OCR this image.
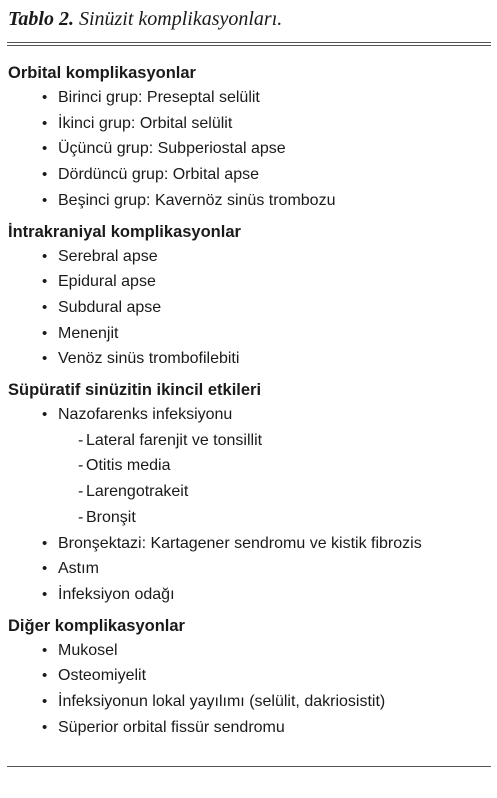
Tablo 2. Sinüzit komplikasyonları.
Orbital komplikasyonlar
• Birinci grup: Preseptal selülit
• İkinci grup: Orbital selülit
• Üçüncü grup: Subperiostal apse
• Dördüncü grup: Orbital apse
• Beşinci grup: Kavernöz sinüs trombozu
İntrakraniyal komplikasyonlar
• Serebral apse
• Epidural apse
• Subdural apse
• Menenjit
• Venöz sinüs trombofilebiti
Süpüratif sinüzitin ikincil etkileri
• Nazofarenks infeksiyonu
- Lateral farenjit ve tonsillit
- Otitis media
- Larengotrakeit
- Bronşit
• Bronşektazi: Kartagener sendromu ve kistik fibrozis
• Astım
• İnfeksiyon odağı
Diğer komplikasyonlar
• Mukosel
• Osteomiyelit
• İnfeksiyonun lokal yayılımı (selülit, dakriosistit)
• Süperior orbital fissür sendromu
